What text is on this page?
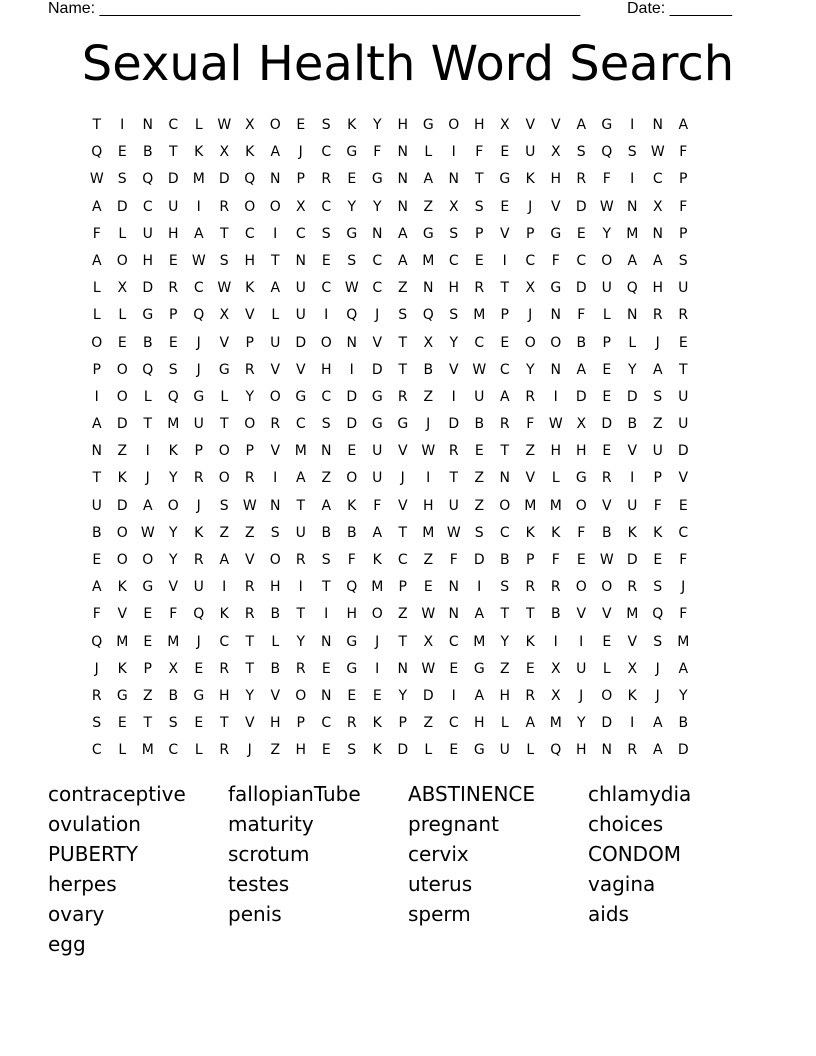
Name: ______________________________________________________	Date: _______
Sexual Health Word Search
T	I	N	C	L	W X	O	E	S	K	Y	H	G	O	H	X	V	V	A	G	I	N	A
Q	E	B	T	K	X	K	A	J	C	G	F	N	L	I	F	E	U	X	S	Q	S	W	F
W	S	Q	D	M	D	Q	N	P	R	E	G	N	A	N	T	G	K	H	R	F	I	C	P
A	D	C	U	I	R	O	O	X	C	Y	Y	N	Z	X	S	E	J	V	D W N	X	F
F	L	U	H	A	T	C	I	C	S	G	N	A	G	S	P	V	P	G	E	Y	M	N	P
A	O	H	E	W	S	H	T	N	E	S	C	A	M	C	E	I	C	F	C	O	A	A	S
L	X	D	R	C W K	A	U	C W C	Z	N	H	R	T	X	G	D	U	Q	H	U
L	L	G	P	Q	X	V	L	U	I	Q	J	S	Q	S	M	P	J	N	F	L	N	R	R
O	E	B	E	J	V	P	U	D	O	N	V	T	X	Y	C	E	O	O	B	P	L	J	E
P	O	Q	S	J	G	R	V	V	H	I	D	T	B	V W C	Y	N	A	E	Y	A	T
I	O	L	Q	G	L	Y	O	G	C	D	G	R	Z	I	U	A	R	I	D	E	D	S	U
A	D	T	M	U	T	O	R	C	S	D	G	G	J	D	B	R	F	W X	D	B	Z	U
N	Z	I	K	P	O	P	V	M	N	E	U	V W R	E	T	Z	H	H	E	V	U	D
T	K	J	Y	R	O	R	I	A	Z	O	U	J	I	T	Z	N	V	L	G	R	I	P	V
U	D	A	O	J	S	W N	T	A	K	F	V	H	U	Z	O M M O	V	U	F	E
B	O W	Y	K	Z	Z	S	U	B	B	A	T	M W	S	C	K	K	F	B	K	K	C
E	O	O	Y	R	A	V	O	R	S	F	K	C	Z	F	D	B	P	F	E	W D	E	F
A	K	G	V	U	I	R	H	I	T	Q M	P	E	N	I	S	R	R	O	O	R	S	J
F	V	E	F	Q	K	R	B	T	I	H	O	Z W N	A	T	T	B	V	V	M Q	F
Q M	E	M	J	C	T	L	Y	N	G	J	T	X	C	M	Y	K	I	I	E	V	S	M
J	K	P	X	E	R	T	B	R	E	G	I	N W	E	G	Z	E	X	U	L	X	J	A
R	G	Z	B	G	H	Y	V	O	N	E	E	Y	D	I	A	H	R	X	J	O	K	J	Y
S	E	T	S	E	T	V	H	P	C	R	K	P	Z	C	H	L	A	M	Y	D	I	A	B
C	L	M	C	L	R	J	Z	H	E	S	K	D	L	E	G	U	L	Q	H	N	R	A	D
contraceptive	fallopianTube	ABSTINENCE	chlamydia
ovulation	maturity	pregnant	choices
PUBERTY	scrotum	cervix	CONDOM
herpes	testes	uterus	vagina
ovary	penis	sperm	aids
egg
